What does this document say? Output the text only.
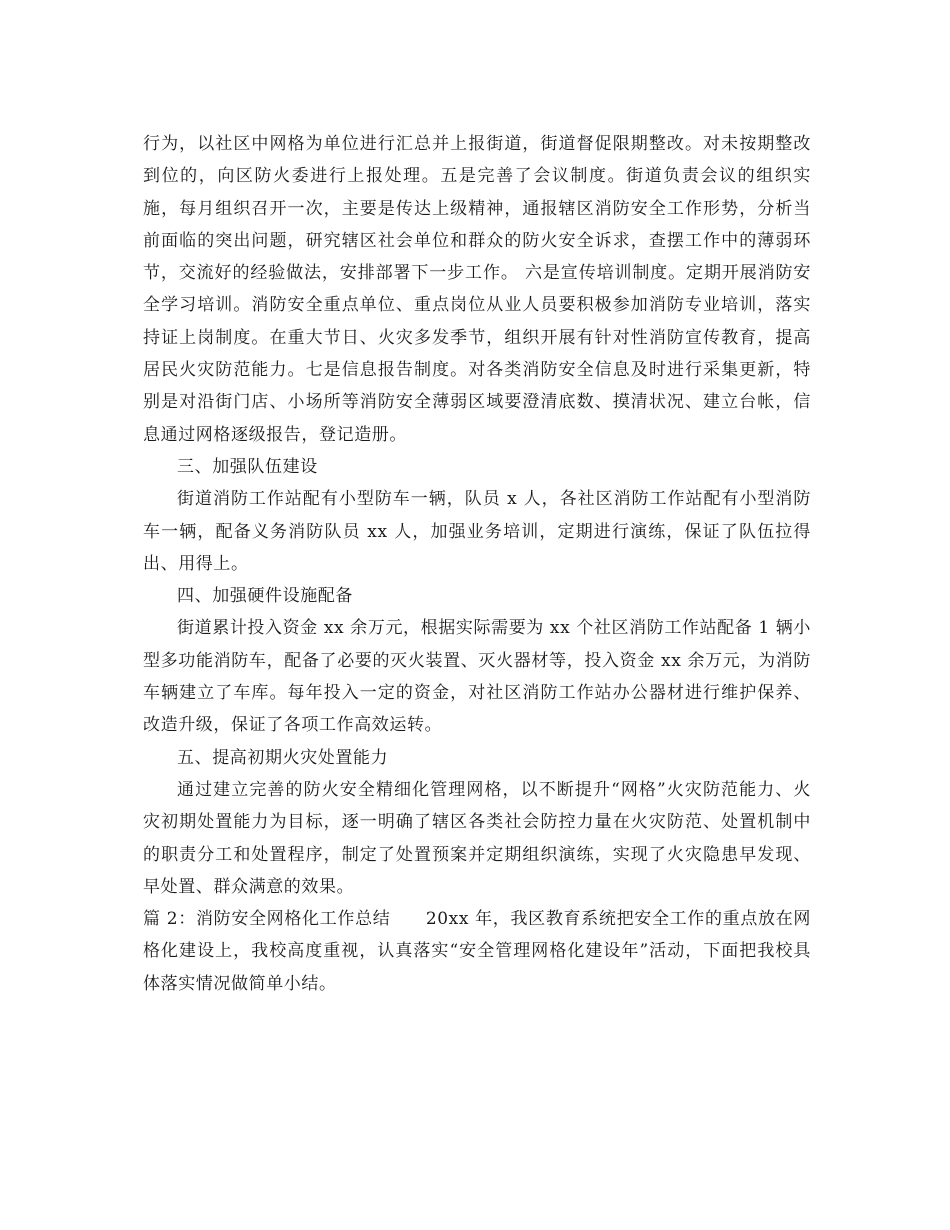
行为，以社区中网格为单位进行汇总并上报街道，街道督促限期整改。对未按期整改到位的，向区防火委进行上报处理。五是完善了会议制度。街道负责会议的组织实施，每月组织召开一次，主要是传达上级精神，通报辖区消防安全工作形势，分析当前面临的突出问题，研究辖区社会单位和群众的防火安全诉求，查摆工作中的薄弱环节，交流好的经验做法，安排部署下一步工作。 六是宣传培训制度。定期开展消防安全学习培训。消防安全重点单位、重点岗位从业人员要积极参加消防专业培训，落实持证上岗制度。在重大节日、火灾多发季节，组织开展有针对性消防宣传教育，提高居民火灾防范能力。七是信息报告制度。对各类消防安全信息及时进行采集更新，特别是对沿街门店、小场所等消防安全薄弱区域要澄清底数、摸清状况、建立台帐，信息通过网格逐级报告，登记造册。

三、加强队伍建设

街道消防工作站配有小型防车一辆，队员 x 人，各社区消防工作站配有小型消防车一辆，配备义务消防队员 xx 人，加强业务培训，定期进行演练，保证了队伍拉得出、用得上。

四、加强硬件设施配备

街道累计投入资金 xx 余万元，根据实际需要为 xx 个社区消防工作站配备 1 辆小型多功能消防车，配备了必要的灭火装置、灭火器材等，投入资金 xx 余万元，为消防车辆建立了车库。每年投入一定的资金，对社区消防工作站办公器材进行维护保养、改造升级，保证了各项工作高效运转。

五、提高初期火灾处置能力

通过建立完善的防火安全精细化管理网格，以不断提升“网格”火灾防范能力、火灾初期处置能力为目标，逐一明确了辖区各类社会防控力量在火灾防范、处置机制中的职责分工和处置程序，制定了处置预案并定期组织演练，实现了火灾隐患早发现、早处置、群众满意的效果。

篇 2：消防安全网格化工作总结　　20xx 年，我区教育系统把安全工作的重点放在网格化建设上，我校高度重视，认真落实“安全管理网格化建设年”活动，下面把我校具体落实情况做简单小结。
